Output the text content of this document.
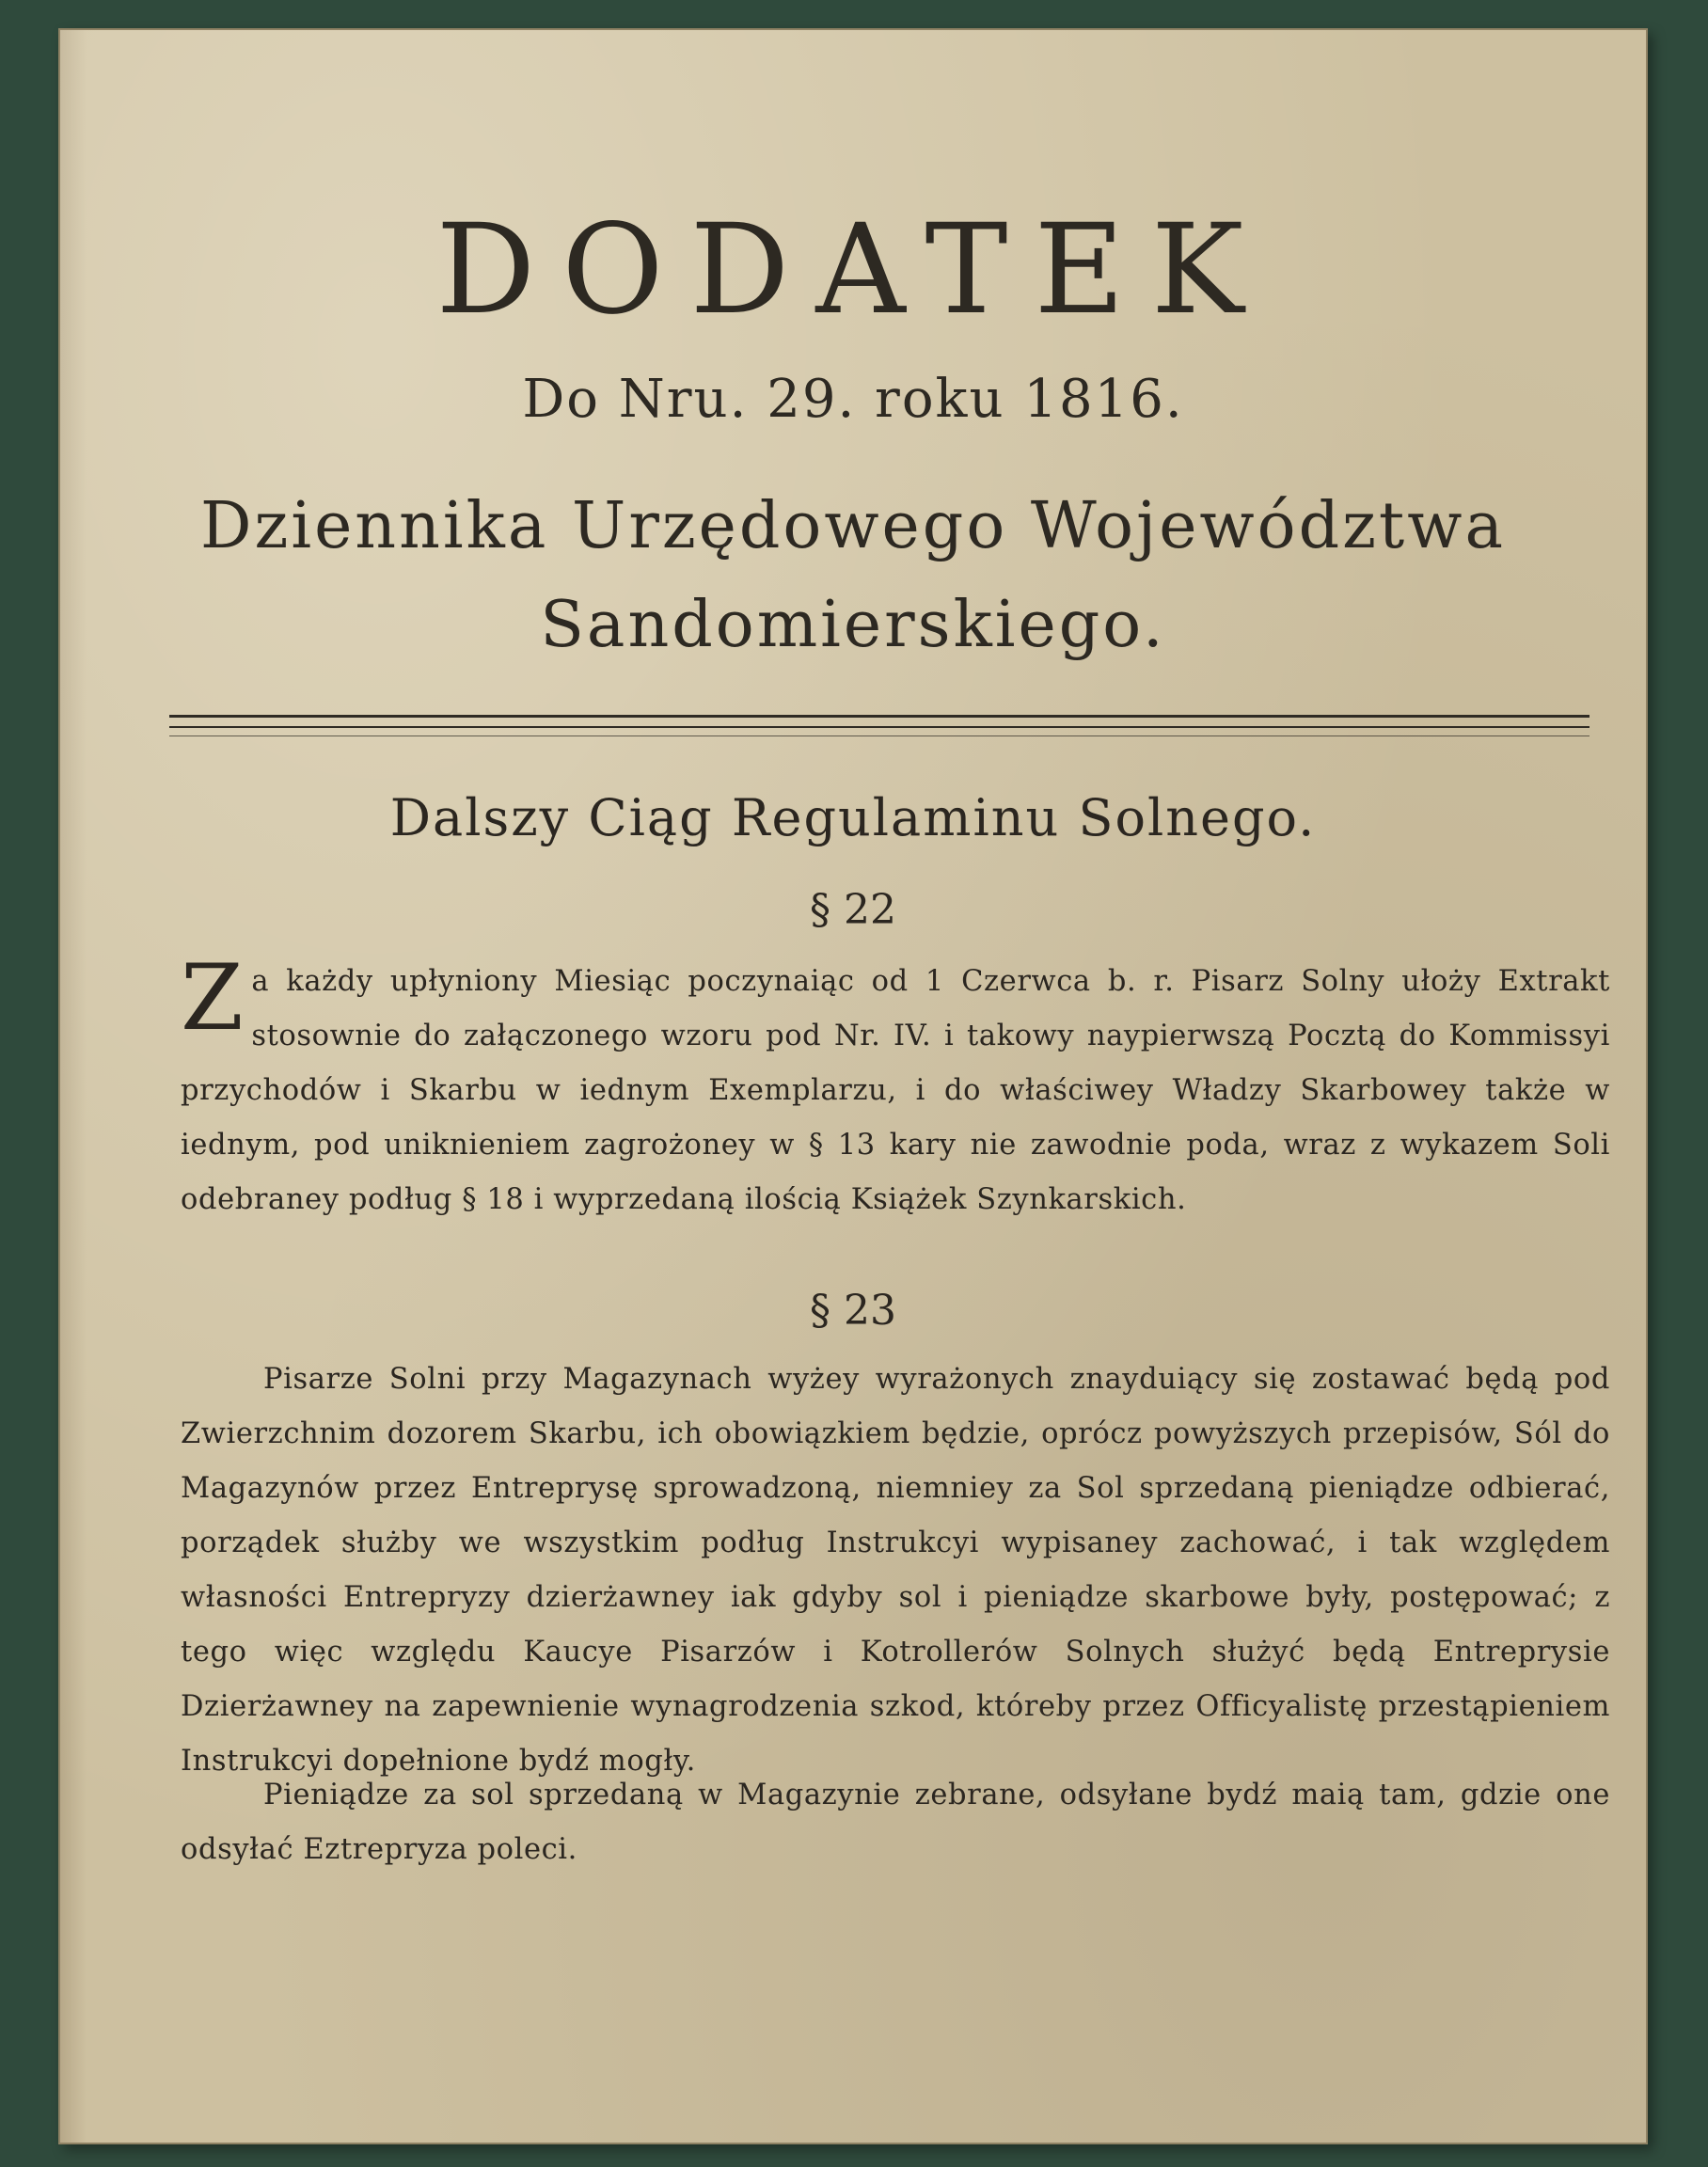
DODATEK
Do Nru. 29. roku 1816.
Dziennika Urzędowego Województwa
Sandomierskiego.
Dalszy Ciąg Regulaminu Solnego.
§ 22
Za każdy upłyniony Miesiąc poczynaiąc od 1 Czerwca b. r. Pisarz Solny ułoży Extrakt stosownie do załączonego wzoru pod Nr. IV. i takowy naypierwszą Pocztą do Kommissyi przychodów i Skarbu w iednym Exemplarzu, i do właściwey Władzy Skarbowey także w iednym, pod uniknieniem zagrożoney w § 13 kary nie zawodnie poda, wraz z wykazem Soli odebraney podług § 18 i wyprzedaną ilością Książek Szynkarskich.
§ 23
Pisarze Solni przy Magazynach wyżey wyrażonych znayduiący się zostawać będą pod Zwierzchnim dozorem Skarbu, ich obowiązkiem będzie, oprócz powyższych przepisów, Sól do Magazynów przez Entreprysę sprowadzoną, niemniey za Sol sprzedaną pieniądze odbierać, porządek służby we wszystkim podług Instrukcyi wypisaney zachować, i tak względem własności Entrepryzy dzierżawney iak gdyby sol i pieniądze skarbowe były, postępować; z tego więc względu Kaucye Pisarzów i Kotrollerów Solnych służyć będą Entreprysie Dzierżawney na zapewnienie wynagrodzenia szkod, któreby przez Officyalistę przestąpieniem Instrukcyi dopełnione bydź mogły.
Pieniądze za sol sprzedaną w Magazynie zebrane, odsyłane bydź maią tam, gdzie one odsyłać Eztrepryza poleci.
